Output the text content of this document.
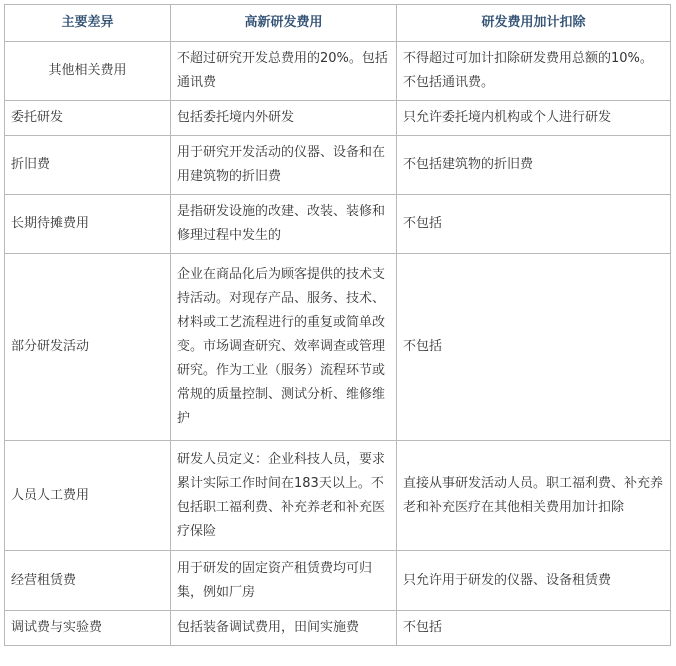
主要差异	高新研发费用	研发费用加计扣除
其他相关费用	不超过研究开发总费用的20%。包括通讯费	不得超过可加计扣除研发费用总额的10%。不包括通讯费。
委托研发	包括委托境内外研发	只允许委托境内机构或个人进行研发
折旧费	用于研究开发活动的仪器、设备和在用建筑物的折旧费	不包括建筑物的折旧费
长期待摊费用	是指研发设施的改建、改装、装修和修理过程中发生的	不包括
部分研发活动	企业在商品化后为顾客提供的技术支持活动。对现存产品、服务、技术、材料或工艺流程进行的重复或简单改变。市场调查研究、效率调查或管理研究。作为工业（服务）流程环节或常规的质量控制、测试分析、维修维护	不包括
人员人工费用	研发人员定义：企业科技人员，要求累计实际工作时间在183天以上。不包括职工福利费、补充养老和补充医疗保险	直接从事研发活动人员。职工福利费、补充养老和补充医疗在其他相关费用加计扣除
经营租赁费	用于研发的固定资产租赁费均可归集，例如厂房	只允许用于研发的仪器、设备租赁费
调试费与实验费	包括装备调试费用，田间实施费	不包括
